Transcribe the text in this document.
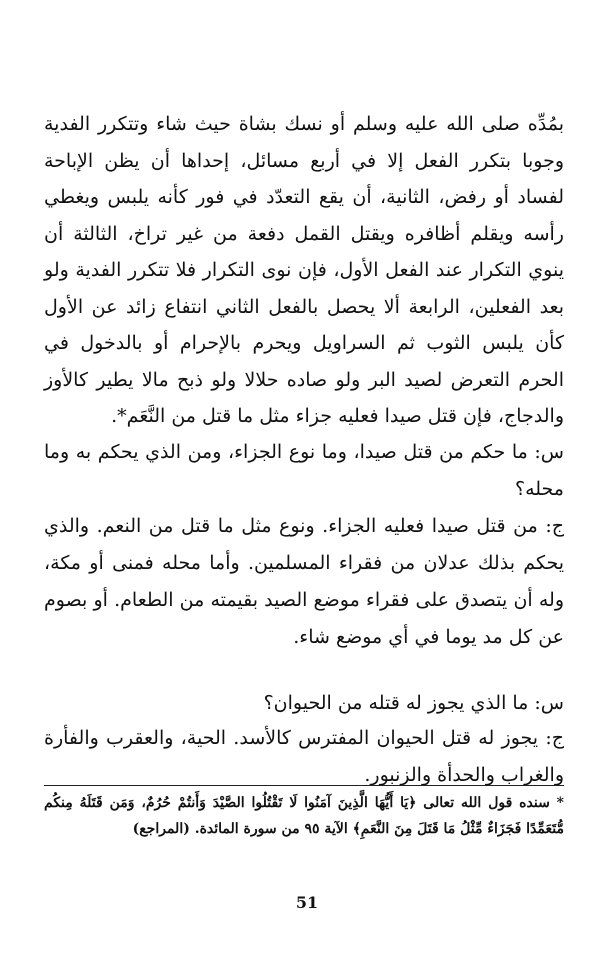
بمُدِّه صلى الله عليه وسلم أو نسك بشاة حيث شاء وتتكرر الفدية وجوبا بتكرر الفعل إلا في أربع مسائل، إحداها أن يظن الإباحة لفساد أو رفض، الثانية، أن يقع التعدّد في فور كأنه يلبس ويغطي رأسه ويقلم أظافره ويقتل القمل دفعة من غير تراخ، الثالثة أن ينوي التكرار عند الفعل الأول، فإن نوى التكرار فلا تتكرر الفدية ولو بعد الفعلين، الرابعة ألا يحصل بالفعل الثاني انتفاع زائد عن الأول كأن يلبس الثوب ثم السراويل ويحرم بالإحرام أو بالدخول في الحرم التعرض لصيد البر ولو صاده حلالا ولو ذبح مالا يطير كالأوز والدجاج، فإن قتل صيدا فعليه جزاء مثل ما قتل من النَّعَم*.

س: ما حكم من قتل صيدا، وما نوع الجزاء، ومن الذي يحكم به وما محله؟

ج: من قتل صيدا فعليه الجزاء. ونوع مثل ما قتل من النعم. والذي يحكم بذلك عدلان من فقراء المسلمين. وأما محله فمنى أو مكة، وله أن يتصدق على فقراء موضع الصيد بقيمته من الطعام. أو بصوم عن كل مد يوما في أي موضع شاء.

س: ما الذي يجوز له قتله من الحيوان؟

ج: يجوز له قتل الحيوان المفترس كالأسد. الحية، والعقرب والفأرة والغراب والحدأة والزنبور.

* سنده قول الله تعالى ﴿يَا أَيُّهَا الَّذِينَ آمَنُوا لَا تَقْتُلُوا الصَّيْدَ وَأَنتُمْ حُرُمٌ، وَمَن قَتَلَهُ مِنكُم مُّتَعَمِّدًا فَجَزَاءٌ مِّثْلُ مَا قَتَلَ مِنَ النَّعَمِ﴾ الآية ٩٥ من سورة المائدة. (المراجع)

51
